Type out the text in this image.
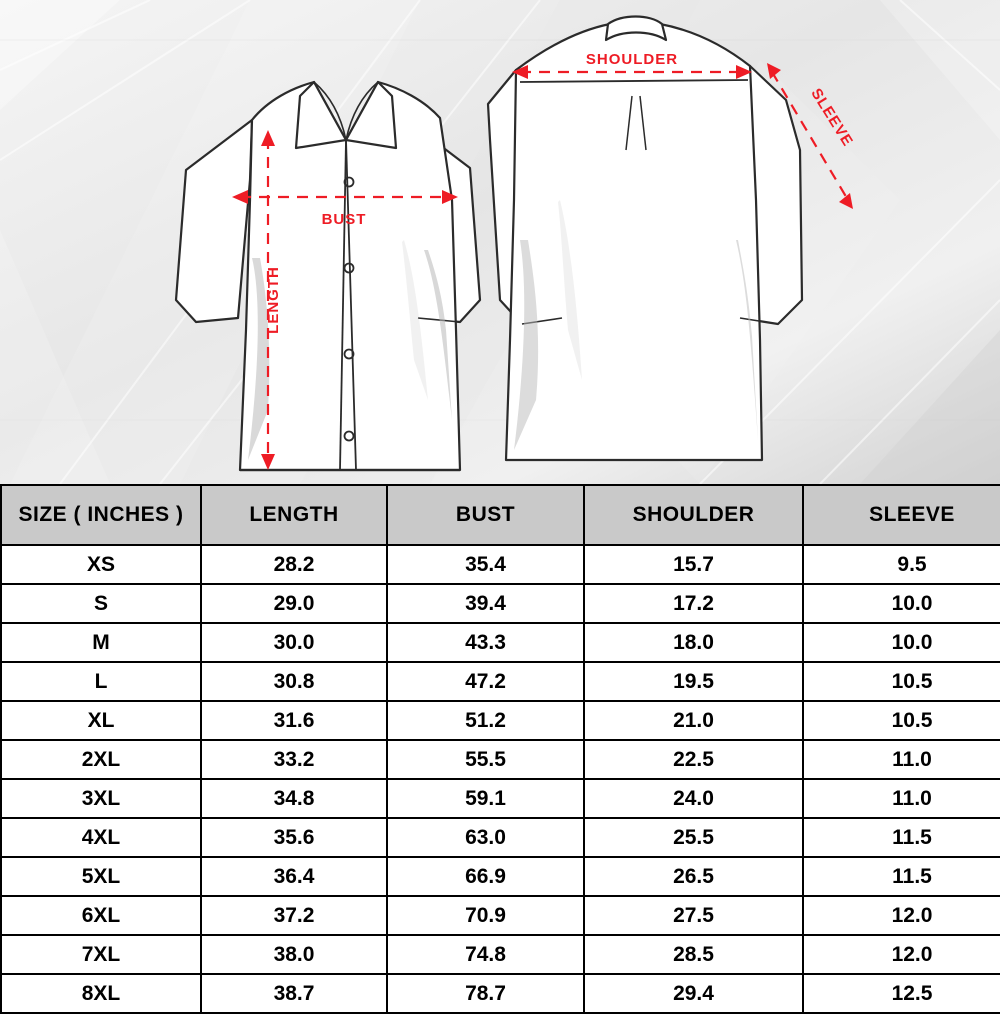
BUST
LENGTH
SHOULDER
SLEEVE
SIZE ( INCHES )	LENGTH	BUST	SHOULDER	SLEEVE
XS	28.2	35.4	15.7	9.5
S	29.0	39.4	17.2	10.0
M	30.0	43.3	18.0	10.0
L	30.8	47.2	19.5	10.5
XL	31.6	51.2	21.0	10.5
2XL	33.2	55.5	22.5	11.0
3XL	34.8	59.1	24.0	11.0
4XL	35.6	63.0	25.5	11.5
5XL	36.4	66.9	26.5	11.5
6XL	37.2	70.9	27.5	12.0
7XL	38.0	74.8	28.5	12.0
8XL	38.7	78.7	29.4	12.5
